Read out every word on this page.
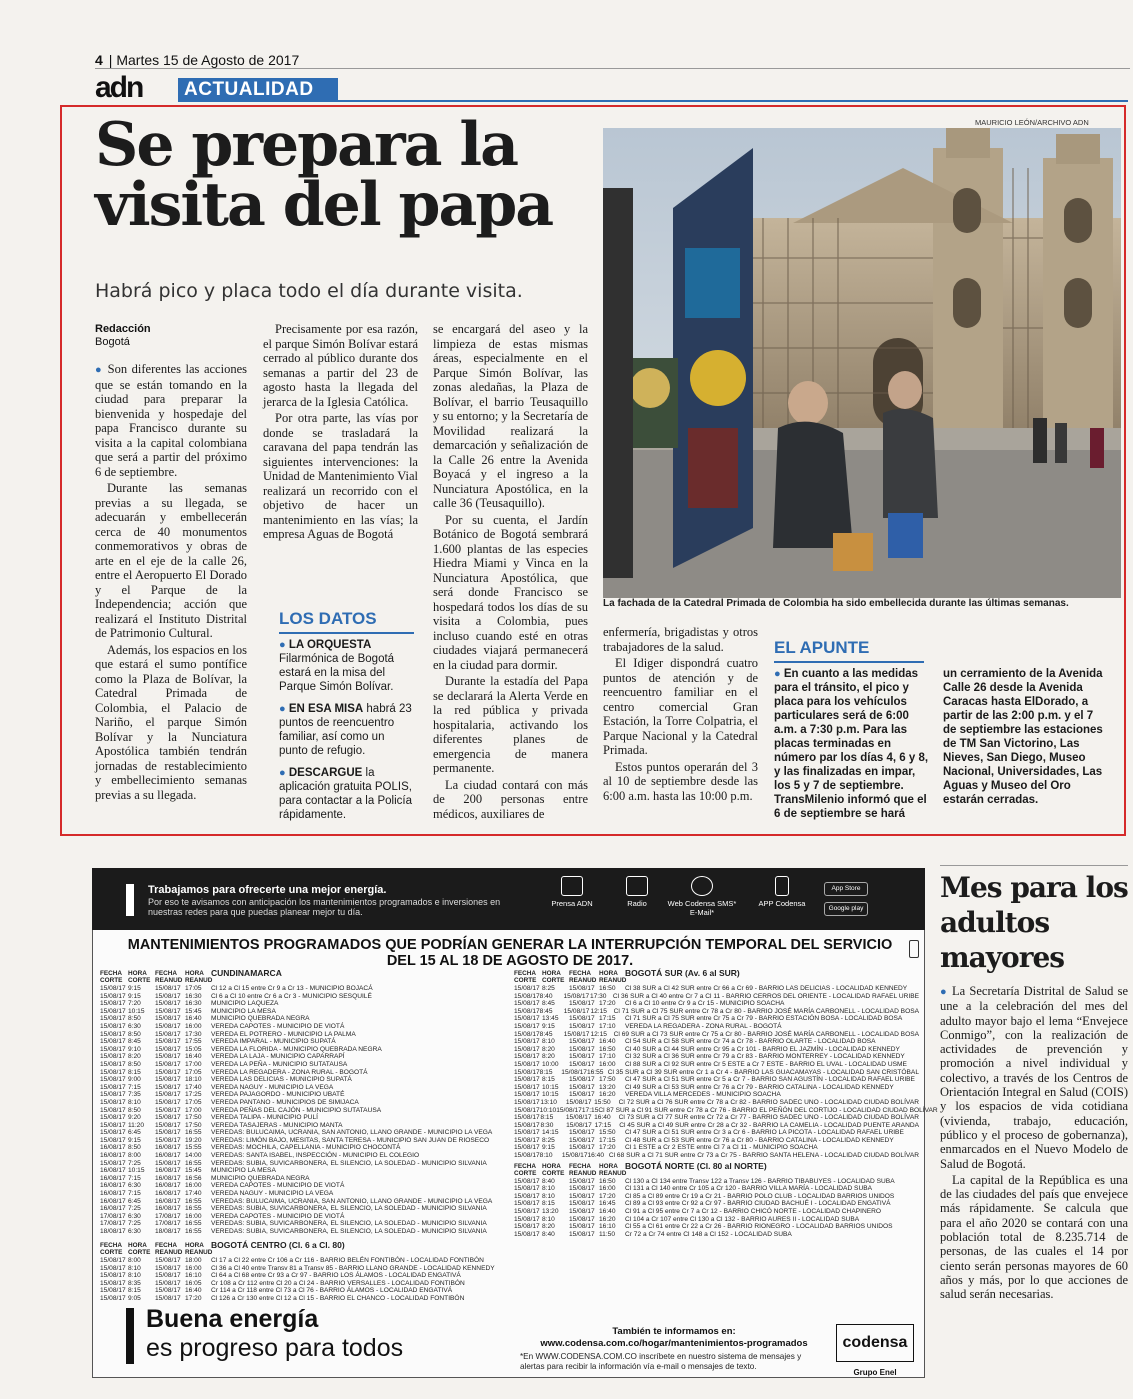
4 | Martes 15 de Agosto de 2017
adn	ACTUALIDAD
Se prepara la visita del papa
Habrá pico y placa todo el día durante visita.
Redacción
Bogotá

● Son diferentes las acciones que se están tomando en la ciudad para preparar la bienvenida y hospedaje del papa Francisco durante su visita a la capital colombiana que será a partir del próximo 6 de septiembre.

Durante las semanas previas a su llegada, se adecuarán y embellecerán cerca de 40 monumentos conmemorativos y obras de arte en el eje de la calle 26, entre el Aeropuerto El Dorado y el Parque de la Independencia; acción que realizará el Instituto Distrital de Patrimonio Cultural.

Además, los espacios en los que estará el sumo pontífice como la Plaza de Bolívar, la Catedral Primada de Colombia, el Palacio de Nariño, el parque Simón Bolívar y la Nunciatura Apostólica también tendrán jornadas de restablecimiento y embellecimiento semanas previas a su llegada.

Precisamente por esa razón, el parque Simón Bolívar estará cerrado al público durante dos semanas a partir del 23 de agosto hasta la llegada del jerarca de la Iglesia Católica.

Por otra parte, las vías por donde se trasladará la caravana del papa tendrán las siguientes intervenciones: la Unidad de Mantenimiento Vial realizará un recorrido con el objetivo de hacer un mantenimiento en las vías; la empresa Aguas de Bogotá

se encargará del aseo y la limpieza de estas mismas áreas, especialmente en el Parque Simón Bolívar, las zonas aledañas, la Plaza de Bolívar, el barrio Teusaquillo y su entorno; y la Secretaría de Movilidad realizará la demarcación y señalización de la Calle 26 entre la Avenida Boyacá y el ingreso a la Nunciatura Apostólica, en la calle 36 (Teusaquillo).

Por su cuenta, el Jardín Botánico de Bogotá sembrará 1.600 plantas de las especies Hiedra Miami y Vinca en la Nunciatura Apostólica, que será donde Francisco se hospedará todos los días de su visita a Colombia, pues incluso cuando esté en otras ciudades viajará permanecerá en la ciudad para dormir.

Durante la estadía del Papa se declarará la Alerta Verde en la red pública y privada hospitalaria, activando los diferentes planes de emergencia de manera permanente.

La ciudad contará con más de 200 personas entre médicos, auxiliares de

enfermería, brigadistas y otros trabajadores de la salud.

El Idiger dispondrá cuatro puntos de atención y de reencuentro familiar en el centro comercial Gran Estación, la Torre Colpatria, el Parque Nacional y la Catedral Primada.

Estos puntos operarán del 3 al 10 de septiembre desde las 6:00 a.m. hasta las 10:00 p.m.

MAURICIO LEÓN/ARCHIVO ADN
La fachada de la Catedral Primada de Colombia ha sido embellecida durante las últimas semanas.
LOS DATOS

● LA ORQUESTA Filarmónica de Bogotá estará en la misa del Parque Simón Bolívar.

● EN ESA MISA habrá 23 puntos de reencuentro familiar, así como un punto de refugio.

● DESCARGUE la aplicación gratuita POLIS, para contactar a la Policía rápidamente.

EL APUNTE
● En cuanto a las medidas para el tránsito, el pico y placa para los vehículos particulares será de 6:00 a.m. a 7:30 p.m. Para las placas terminadas en número par los días 4, 6 y 8, y las finalizadas en impar, los 5 y 7 de septiembre. TransMilenio informó que el 6 de septiembre se hará
un cerramiento de la Avenida Calle 26 desde la Avenida Caracas hasta ElDorado, a partir de las 2:00 p.m. y el 7 de septiembre las estaciones de TM San Victorino, Las Nieves, San Diego, Museo Nacional, Universidades, Las Aguas y Museo del Oro estarán cerradas.
Trabajamos para ofrecerte una mejor energía.
Por eso te avisamos con anticipación los mantenimientos programados e inversiones en nuestras redes para que puedas planear mejor tu día.
Prensa ADN	Radio	Web Codensa SMS* E-Mail*
APP Codensa
App Store
Google play
MANTENIMIENTOS PROGRAMADOS QUE PODRÍAN GENERAR LA INTERRUPCIÓN TEMPORAL DEL SERVICIO DEL 15 AL 18 DE AGOSTO DE 2017.
FECHA CORTE
HORA CORTE
FECHA REANUD
HORA REANUD
CUNDINAMARCA
15/08/17 9:15	15/08/17 17:05	Cl 12 a Cl 15 entre Cr 9 a Cr 13 - MUNICIPIO BOJACÁ
15/08/17 9:15	15/08/17 16:30	Cl 6 a Cl 10 entre Cr 6 a Cr 3 - MUNICIPIO SESQUILÉ
15/08/17 7:20	15/08/17 16:30	MUNICIPIO LAQUEZA
15/08/17 10:15	15/08/17 15:45	MUNICIPIO LA MESA
15/08/17 8:50	15/08/17 16:40	MUNICIPIO QUEBRADA NEGRA
15/08/17 6:30	15/08/17 16:00	VEREDA CAPOTES - MUNICIPIO DE VIOTÁ
15/08/17 8:50	15/08/17 17:30	VEREDA EL POTRERO - MUNICIPIO LA PALMA
15/08/17 8:45	15/08/17 17:55	VEREDA IMPARAL - MUNICIPIO SUPATÁ
15/08/17 9:10	15/08/17 15:05	VEREDA LA FLORIDA - MUNICIPIO QUEBRADA NEGRA
15/08/17 8:20	15/08/17 16:40	VEREDA LA LAJA - MUNICIPIO CAPARRAPÍ
15/08/17 8:50	15/08/17 17:00	VEREDA LA PEÑA - MUNICIPIO SUTATAUSA
15/08/17 8:15	15/08/17 17:05	VEREDA LA REGADERA - ZONA RURAL - BOGOTÁ
15/08/17 9:00	15/08/17 18:10	VEREDA LAS DELICIAS - MUNICIPIO SUPATÁ
15/08/17 7:15	15/08/17 17:40	VEREDA NAGUY - MUNICIPIO LA VEGA
15/08/17 7:35	15/08/17 17:25	VEREDA PAJAGORDO - MUNICIPIO UBATÉ
15/08/17 8:10	15/08/17 17:05	VEREDA PANTANO - MUNICIPIOS DE SIMIJACA
15/08/17 8:50	15/08/17 17:00	VEREDA PEÑAS DEL CAJÓN - MUNICIPIO SUTATAUSA
15/08/17 9:20	15/08/17 17:50	VEREDA TALIPA - MUNICIPIO PULÍ
15/08/17 11:20	15/08/17 17:50	VEREDA TASAJERAS - MUNICIPIO MANTA
15/08/17 6:45	15/08/17 16:55	VEREDAS: BULUCAIMA, UCRANIA, SAN ANTONIO, LLANO GRANDE - MUNICIPIO LA VEGA
15/08/17 9:15	15/08/17 19:20	VEREDAS: LIMÓN BAJO, MESITAS, SANTA TERESA - MUNICIPIO SAN JUAN DE RIOSECO
16/08/17 8:50	16/08/17 15:55	VEREDAS: MOCHILA, CAPELLANIA - MUNICIPIO CHOCONTÁ
16/08/17 8:00	16/08/17 14:00	VEREDAS: SANTA ISABEL, INSPECCIÓN - MUNICIPIO EL COLEGIO
15/08/17 7:25	15/08/17 16:55	VEREDAS: SUBIA, SUVICARBONERA, EL SILENCIO, LA SOLEDAD - MUNICIPIO SILVANIA
16/08/17 10:15	16/08/17 15:45	MUNICIPIO LA MESA
16/08/17 7:15	16/08/17 16:56	MUNICIPIO QUEBRADA NEGRA
16/08/17 6:30	16/08/17 16:00	VEREDA CAPOTES - MUNICIPIO DE VIOTÁ
16/08/17 7:15	16/08/17 17:40	VEREDA NAGUY - MUNICIPIO LA VEGA
16/08/17 6:45	16/08/17 16:55	VEREDAS: BULUCAIMA, UCRANIA, SAN ANTONIO, LLANO GRANDE - MUNICIPIO LA VEGA
16/08/17 7:25	16/08/17 16:55	VEREDAS: SUBIA, SUVICARBONERA, EL SILENCIO, LA SOLEDAD - MUNICIPIO SILVANIA
17/08/17 6:30	17/08/17 16:00	VEREDA CAPOTES - MUNICIPIO DE VIOTÁ
17/08/17 7:25	17/08/17 16:55	VEREDAS: SUBIA, SUVICARBONERA, EL SILENCIO, LA SOLEDAD - MUNICIPIO SILVANIA
18/08/17 6:30	18/08/17 16:55	VEREDAS: SUBIA, SUVICARBONERA, EL SILENCIO, LA SOLEDAD - MUNICIPIO SILVANIA
FECHA CORTE
HORA CORTE
FECHA REANUD
HORA REANUD
BOGOTÁ CENTRO (Cl. 6 a Cl. 80)
15/08/17 8:00	15/08/17 18:00	Cl 17 a Cl 22 entre Cr 106 a Cr 116 - BARRIO BELÉN FONTIBÓN - LOCALIDAD FONTIBÓN
15/08/17 8:10	15/08/17 16:00	Cl 36 a Cl 40 entre Transv 81 a Transv 85 - BARRIO LLANO GRANDE - LOCALIDAD KENNEDY
15/08/17 8:10	15/08/17 16:10	Cl 64 a Cl 68 entre Cr 93 a Cr 97 - BARRIO LOS ÁLAMOS - LOCALIDAD ENGATIVÁ
15/08/17 8:35	15/08/17 16:05	Cr 108 a Cr 112 entre Cl 20 a Cl 24 - BARRIO VERSALLES - LOCALIDAD FONTIBÓN
15/08/17 8:15	15/08/17 16:40	Cr 114 a Cr 118 entre Cl 73 a Cl 76 - BARRIO ÁLAMOS - LOCALIDAD ENGATIVÁ
15/08/17 9:05	15/08/17 17:20	Cl 126 a Cr 130 entre Cl 12 a Cl 15 - BARRIO EL CHANCO - LOCALIDAD FONTIBÓN
FECHA CORTE
HORA CORTE
FECHA REANUD
HORA REANUD
BOGOTÁ SUR (Av. 6 al SUR)
15/08/17 8:25	15/08/17 16:50	Cl 38 SUR a Cl 42 SUR entre Cr 66 a Cr 69 - BARRIO LAS DELICIAS - LOCALIDAD KENNEDY
15/08/17 8:40	15/08/17 17:30 Cl 36 SUR a Cl 40 entre Cr 7 a Cl 11 - BARRIO CERROS DEL ORIENTE - LOCALIDAD RAFAEL URIBE
15/08/17 8:45	15/08/17 17:20	Cl 6 a Cl 10 entre Cr 9 a Cr 15 - MUNICIPIO SOACHA
15/08/17 8:45	15/08/17 12:15	Cl 71 SUR a Cl 75 SUR entre Cr 78 a Cr 80 - BARRIO JOSÉ MARÍA CARBONELL - LOCALIDAD BOSA
15/08/17 13:45	15/08/17 17:15	Cl 71 SUR a Cl 75 SUR entre Cr 75 a Cr 79 - BARRIO ESTACIÓN BOSA - LOCALIDAD BOSA
15/08/17 9:15	15/08/17 17:10	VEREDA LA REGADERA - ZONA RURAL - BOGOTÁ
15/08/17 8:45	15/08/17 12:15	Cl 69 SUR a Cl 73 SUR entre Cr 75 a Cr 80 - BARRIO JOSÉ MARÍA CARBONELL - LOCALIDAD BOSA
15/08/17 8:10	15/08/17 16:40	Cl 54 SUR a Cl 58 SUR entre Cr 74 a Cr 78 - BARRIO OLARTE - LOCALIDAD BOSA
15/08/17 8:20	15/08/17 16:50	Cl 40 SUR a Cl 44 SUR entre Cr 95 a Cr 101 - BARRIO EL JAZMÍN - LOCALIDAD KENNEDY
15/08/17 8:20	15/08/17 17:10	Cl 32 SUR a Cl 36 SUR entre Cr 79 a Cr 83 - BARRIO MONTERREY - LOCALIDAD KENNEDY
15/08/17 10:00	15/08/17 16:00	Cl 88 SUR a Cl 92 SUR entre Cr 5 ESTE a Cr 7 ESTE - BARRIO EL UVAL - LOCALIDAD USME
15/08/17 8:15	15/08/17 16:55 Cl 35 SUR a Cl 39 SUR entre Cr 1 a Cr 4 - BARRIO LAS GUACAMAYAS - LOCALIDAD SAN CRISTÓBAL
15/08/17 8:15	15/08/17 17:50	Cl 47 SUR a Cl 51 SUR entre Cr 5 a Cr 7 - BARRIO SAN AGUSTÍN - LOCALIDAD RAFAEL URIBE
15/08/17 10:15	15/08/17 13:20	Cl 49 SUR a Cl 53 SUR entre Cr 76 a Cr 79 - BARRIO CATALINA - LOCALIDAD KENNEDY
15/08/17 10:15	15/08/17 16:20	VEREDA VILLA MERCEDES - MUNICIPIO SOACHA
15/08/17 13:10	15/08/17 15:50	Cl 72 SUR a Cl 76 SUR entre Cr 78 a Cr 82 - BARRIO SADEC UNO - LOCALIDAD CIUDAD BOLÍVAR
15/08/17 10:10 15/08/17 17:15 Cl 87 SUR a Cl 91 SUR entre Cr 78 a Cr 76 - BARRIO EL PEÑÓN DEL CORTIJO - LOCALIDAD CIUDAD BOLÍVAR
15/08/17 8:15	15/08/17 16:40	Cl 73 SUR a Cl 77 SUR entre Cr 72 a Cr 77 - BARRIO SADEC UNO - LOCALIDAD CIUDAD BOLÍVAR
15/08/17 8:30	15/08/17 17:15	Cl 45 SUR a Cl 49 SUR entre Cr 28 a Cr 32 - BARRIO LA CAMELIA - LOCALIDAD PUENTE ARANDA
15/08/17 14:15	15/08/17 15:50	Cl 47 SUR a Cl 51 SUR entre Cr 3 a Cr 6 - BARRIO LA PICOTA - LOCALIDAD RAFAEL URIBE
15/08/17 8:25	15/08/17 17:15	Cl 48 SUR a Cl 53 SUR entre Cr 76 a Cr 80 - BARRIO CATALINA - LOCALIDAD KENNEDY
15/08/17 9:15	15/08/17 17:20	Cl 1 ESTE a Cr 2 ESTE entre Cl 7 a Cl 11 - MUNICIPIO SOACHA
15/08/17 8:10	15/08/17 16:40 Cl 68 SUR a Cl 71 SUR entre Cr 73 a Cr 75 - BARRIO SANTA HELENA - LOCALIDAD CIUDAD BOLÍVAR
FECHA CORTE
HORA CORTE
FECHA REANUD
HORA REANUD
BOGOTÁ NORTE (Cl. 80 al NORTE)
15/08/17 8:40	15/08/17 16:50	Cl 130 a Cl 134 entre Transv 122 a Transv 126 - BARRIO TIBABUYES - LOCALIDAD SUBA
15/08/17 8:10	15/08/17 16:00	Cl 131 a Cl 140 entre Cr 105 a Cr 120 - BARRIO VILLA MARÍA - LOCALIDAD SUBA
15/08/17 8:10	15/08/17 17:20	Cl 85 a Cl 89 entre Cr 19 a Cr 21 - BARRIO POLO CLUB - LOCALIDAD BARRIOS UNIDOS
15/08/17 8:15	15/08/17 16:45	Cl 89 a Cl 93 entre Cr 92 a Cr 97 - BARRIO CIUDAD BACHUÉ I - LOCALIDAD ENGATIVÁ
15/08/17 13:20	15/08/17 16:40	Cl 91 a Cl 95 entre Cr 7 a Cr 12 - BARRIO CHICÓ NORTE - LOCALIDAD CHAPINERO
15/08/17 8:10	15/08/17 16:20	Cl 104 a Cr 107 entre Cl 130 a Cl 132 - BARRIO AURES II - LOCALIDAD SUBA
15/08/17 8:20	15/08/17 16:10	Cl 55 a Cl 61 entre Cr 22 a Cr 26 - BARRIO RIONEGRO - LOCALIDAD BARRIOS UNIDOS
15/08/17 8:40	15/08/17 11:50	Cr 72 a Cr 74 entre Cl 148 a Cl 152 - LOCALIDAD SUBA
Buena energía
es progreso para todos
También te informamos en: www.codensa.com.co/hogar/mantenimientos-programados
*En WWW.CODENSA.COM.CO inscríbete en nuestro sistema de mensajes y alertas para recibir la información vía e-mail o mensajes de texto.
codensa
Grupo Enel
Mes para los adultos mayores

● La Secretaría Distrital de Salud se une a la celebración del mes del adulto mayor bajo el lema “Envejece Conmigo”, con la realización de actividades de prevención y promoción a nivel individual y colectivo, a través de los Centros de Orientación Integral en Salud (COIS) y los espacios de vida cotidiana (vivienda, trabajo, educación, público y el proceso de gobernanza), enmarcados en el Nuevo Modelo de Salud de Bogotá.

La capital de la República es una de las ciudades del país que envejece más rápidamente. Se calcula que para el año 2020 se contará con una población total de 8.235.714 de personas, de las cuales el 14 por ciento serán personas mayores de 60 años y más, por lo que acciones de salud serán necesarias.
